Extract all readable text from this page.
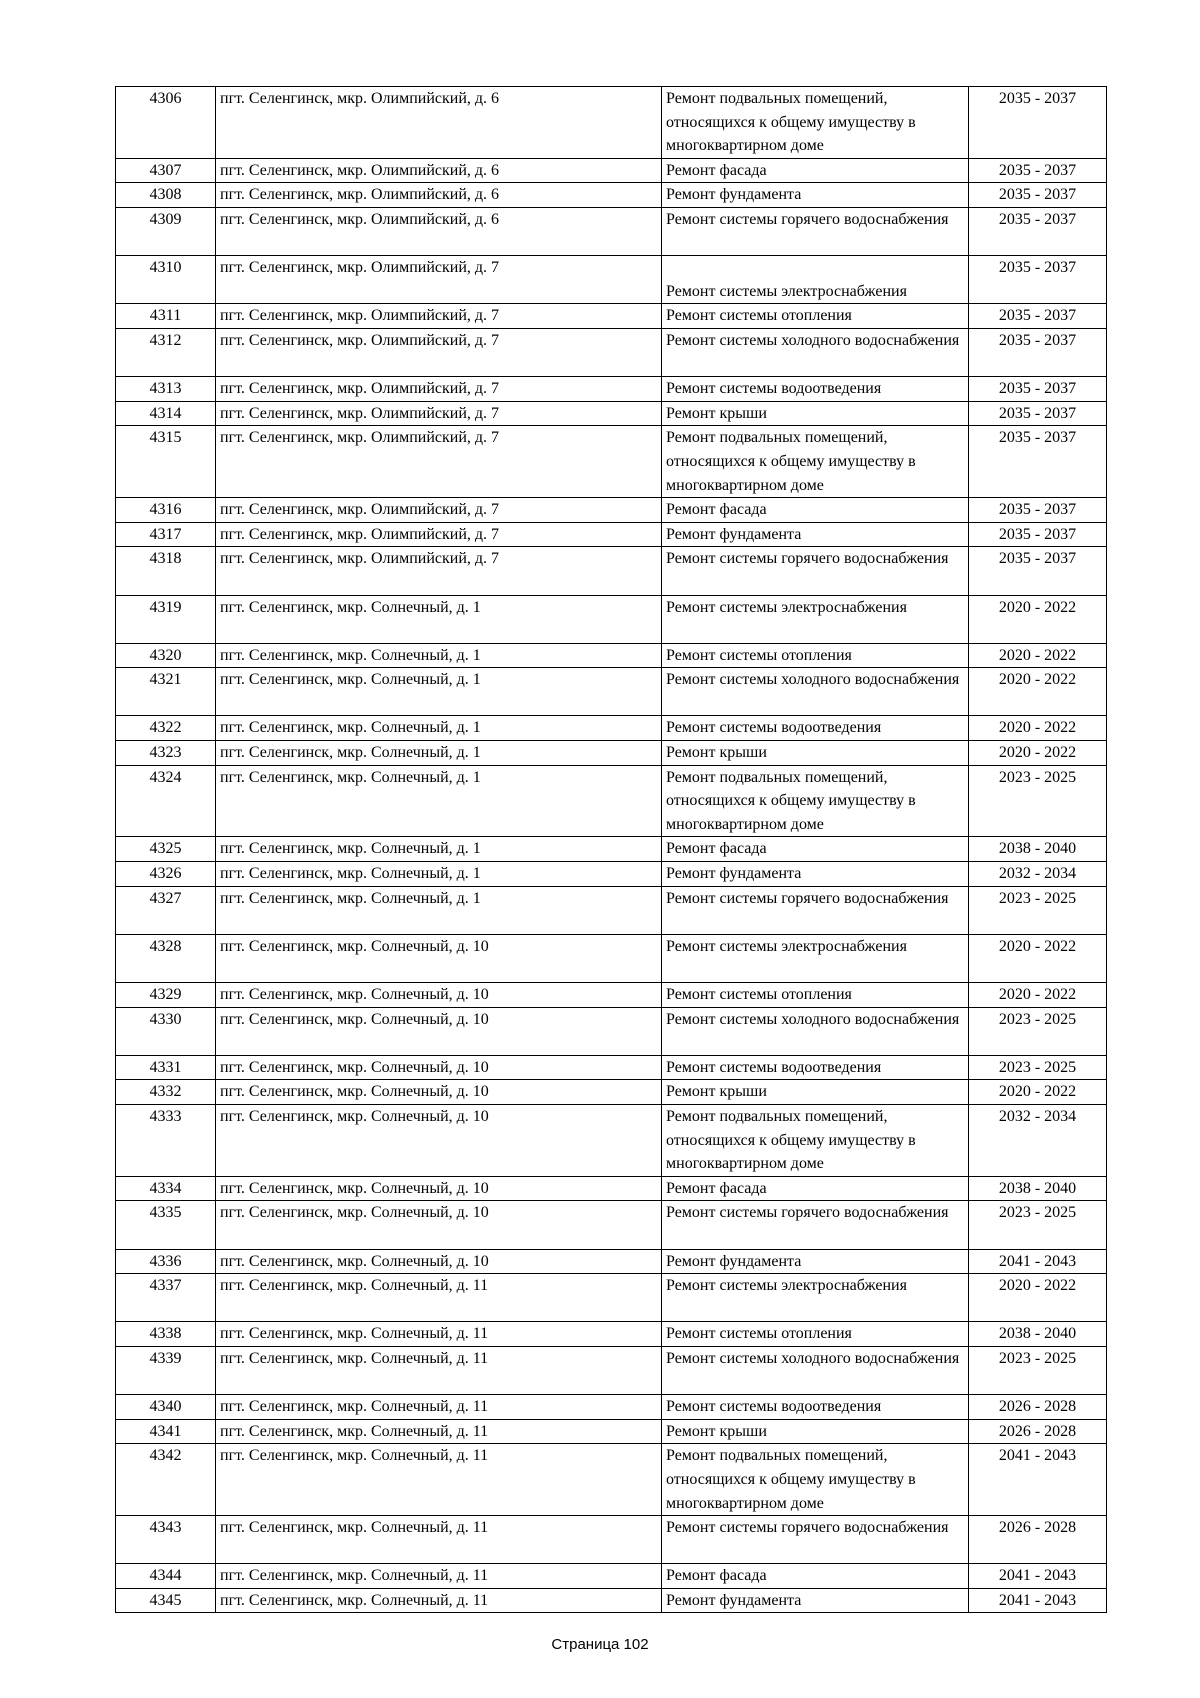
4306	пгт. Селенгинск, мкр. Олимпийский, д. 6	Ремонт подвальных помещений, относящихся к общему имуществу в многоквартирном доме	2035 - 2037
4307	пгт. Селенгинск, мкр. Олимпийский, д. 6	Ремонт фасада	2035 - 2037
4308	пгт. Селенгинск, мкр. Олимпийский, д. 6	Ремонт фундамента	2035 - 2037
4309	пгт. Селенгинск, мкр. Олимпийский, д. 6	Ремонт системы горячего водоснабжения	2035 - 2037
4310	пгт. Селенгинск, мкр. Олимпийский, д. 7	Ремонт системы электроснабжения	2035 - 2037
4311	пгт. Селенгинск, мкр. Олимпийский, д. 7	Ремонт системы отопления	2035 - 2037
4312	пгт. Селенгинск, мкр. Олимпийский, д. 7	Ремонт системы холодного водоснабжения	2035 - 2037
4313	пгт. Селенгинск, мкр. Олимпийский, д. 7	Ремонт системы водоотведения	2035 - 2037
4314	пгт. Селенгинск, мкр. Олимпийский, д. 7	Ремонт крыши	2035 - 2037
4315	пгт. Селенгинск, мкр. Олимпийский, д. 7	Ремонт подвальных помещений, относящихся к общему имуществу в многоквартирном доме	2035 - 2037
4316	пгт. Селенгинск, мкр. Олимпийский, д. 7	Ремонт фасада	2035 - 2037
4317	пгт. Селенгинск, мкр. Олимпийский, д. 7	Ремонт фундамента	2035 - 2037
4318	пгт. Селенгинск, мкр. Олимпийский, д. 7	Ремонт системы горячего водоснабжения	2035 - 2037
4319	пгт. Селенгинск, мкр. Солнечный, д. 1	Ремонт системы электроснабжения	2020 - 2022
4320	пгт. Селенгинск, мкр. Солнечный, д. 1	Ремонт системы отопления	2020 - 2022
4321	пгт. Селенгинск, мкр. Солнечный, д. 1	Ремонт системы холодного водоснабжения	2020 - 2022
4322	пгт. Селенгинск, мкр. Солнечный, д. 1	Ремонт системы водоотведения	2020 - 2022
4323	пгт. Селенгинск, мкр. Солнечный, д. 1	Ремонт крыши	2020 - 2022
4324	пгт. Селенгинск, мкр. Солнечный, д. 1	Ремонт подвальных помещений, относящихся к общему имуществу в многоквартирном доме	2023 - 2025
4325	пгт. Селенгинск, мкр. Солнечный, д. 1	Ремонт фасада	2038 - 2040
4326	пгт. Селенгинск, мкр. Солнечный, д. 1	Ремонт фундамента	2032 - 2034
4327	пгт. Селенгинск, мкр. Солнечный, д. 1	Ремонт системы горячего водоснабжения	2023 - 2025
4328	пгт. Селенгинск, мкр. Солнечный, д. 10	Ремонт системы электроснабжения	2020 - 2022
4329	пгт. Селенгинск, мкр. Солнечный, д. 10	Ремонт системы отопления	2020 - 2022
4330	пгт. Селенгинск, мкр. Солнечный, д. 10	Ремонт системы холодного водоснабжения	2023 - 2025
4331	пгт. Селенгинск, мкр. Солнечный, д. 10	Ремонт системы водоотведения	2023 - 2025
4332	пгт. Селенгинск, мкр. Солнечный, д. 10	Ремонт крыши	2020 - 2022
4333	пгт. Селенгинск, мкр. Солнечный, д. 10	Ремонт подвальных помещений, относящихся к общему имуществу в многоквартирном доме	2032 - 2034
4334	пгт. Селенгинск, мкр. Солнечный, д. 10	Ремонт фасада	2038 - 2040
4335	пгт. Селенгинск, мкр. Солнечный, д. 10	Ремонт системы горячего водоснабжения	2023 - 2025
4336	пгт. Селенгинск, мкр. Солнечный, д. 10	Ремонт фундамента	2041 - 2043
4337	пгт. Селенгинск, мкр. Солнечный, д. 11	Ремонт системы электроснабжения	2020 - 2022
4338	пгт. Селенгинск, мкр. Солнечный, д. 11	Ремонт системы отопления	2038 - 2040
4339	пгт. Селенгинск, мкр. Солнечный, д. 11	Ремонт системы холодного водоснабжения	2023 - 2025
4340	пгт. Селенгинск, мкр. Солнечный, д. 11	Ремонт системы водоотведения	2026 - 2028
4341	пгт. Селенгинск, мкр. Солнечный, д. 11	Ремонт крыши	2026 - 2028
4342	пгт. Селенгинск, мкр. Солнечный, д. 11	Ремонт подвальных помещений, относящихся к общему имуществу в многоквартирном доме	2041 - 2043
4343	пгт. Селенгинск, мкр. Солнечный, д. 11	Ремонт системы горячего водоснабжения	2026 - 2028
4344	пгт. Селенгинск, мкр. Солнечный, д. 11	Ремонт фасада	2041 - 2043
4345	пгт. Селенгинск, мкр. Солнечный, д. 11	Ремонт фундамента	2041 - 2043
Страница 102
